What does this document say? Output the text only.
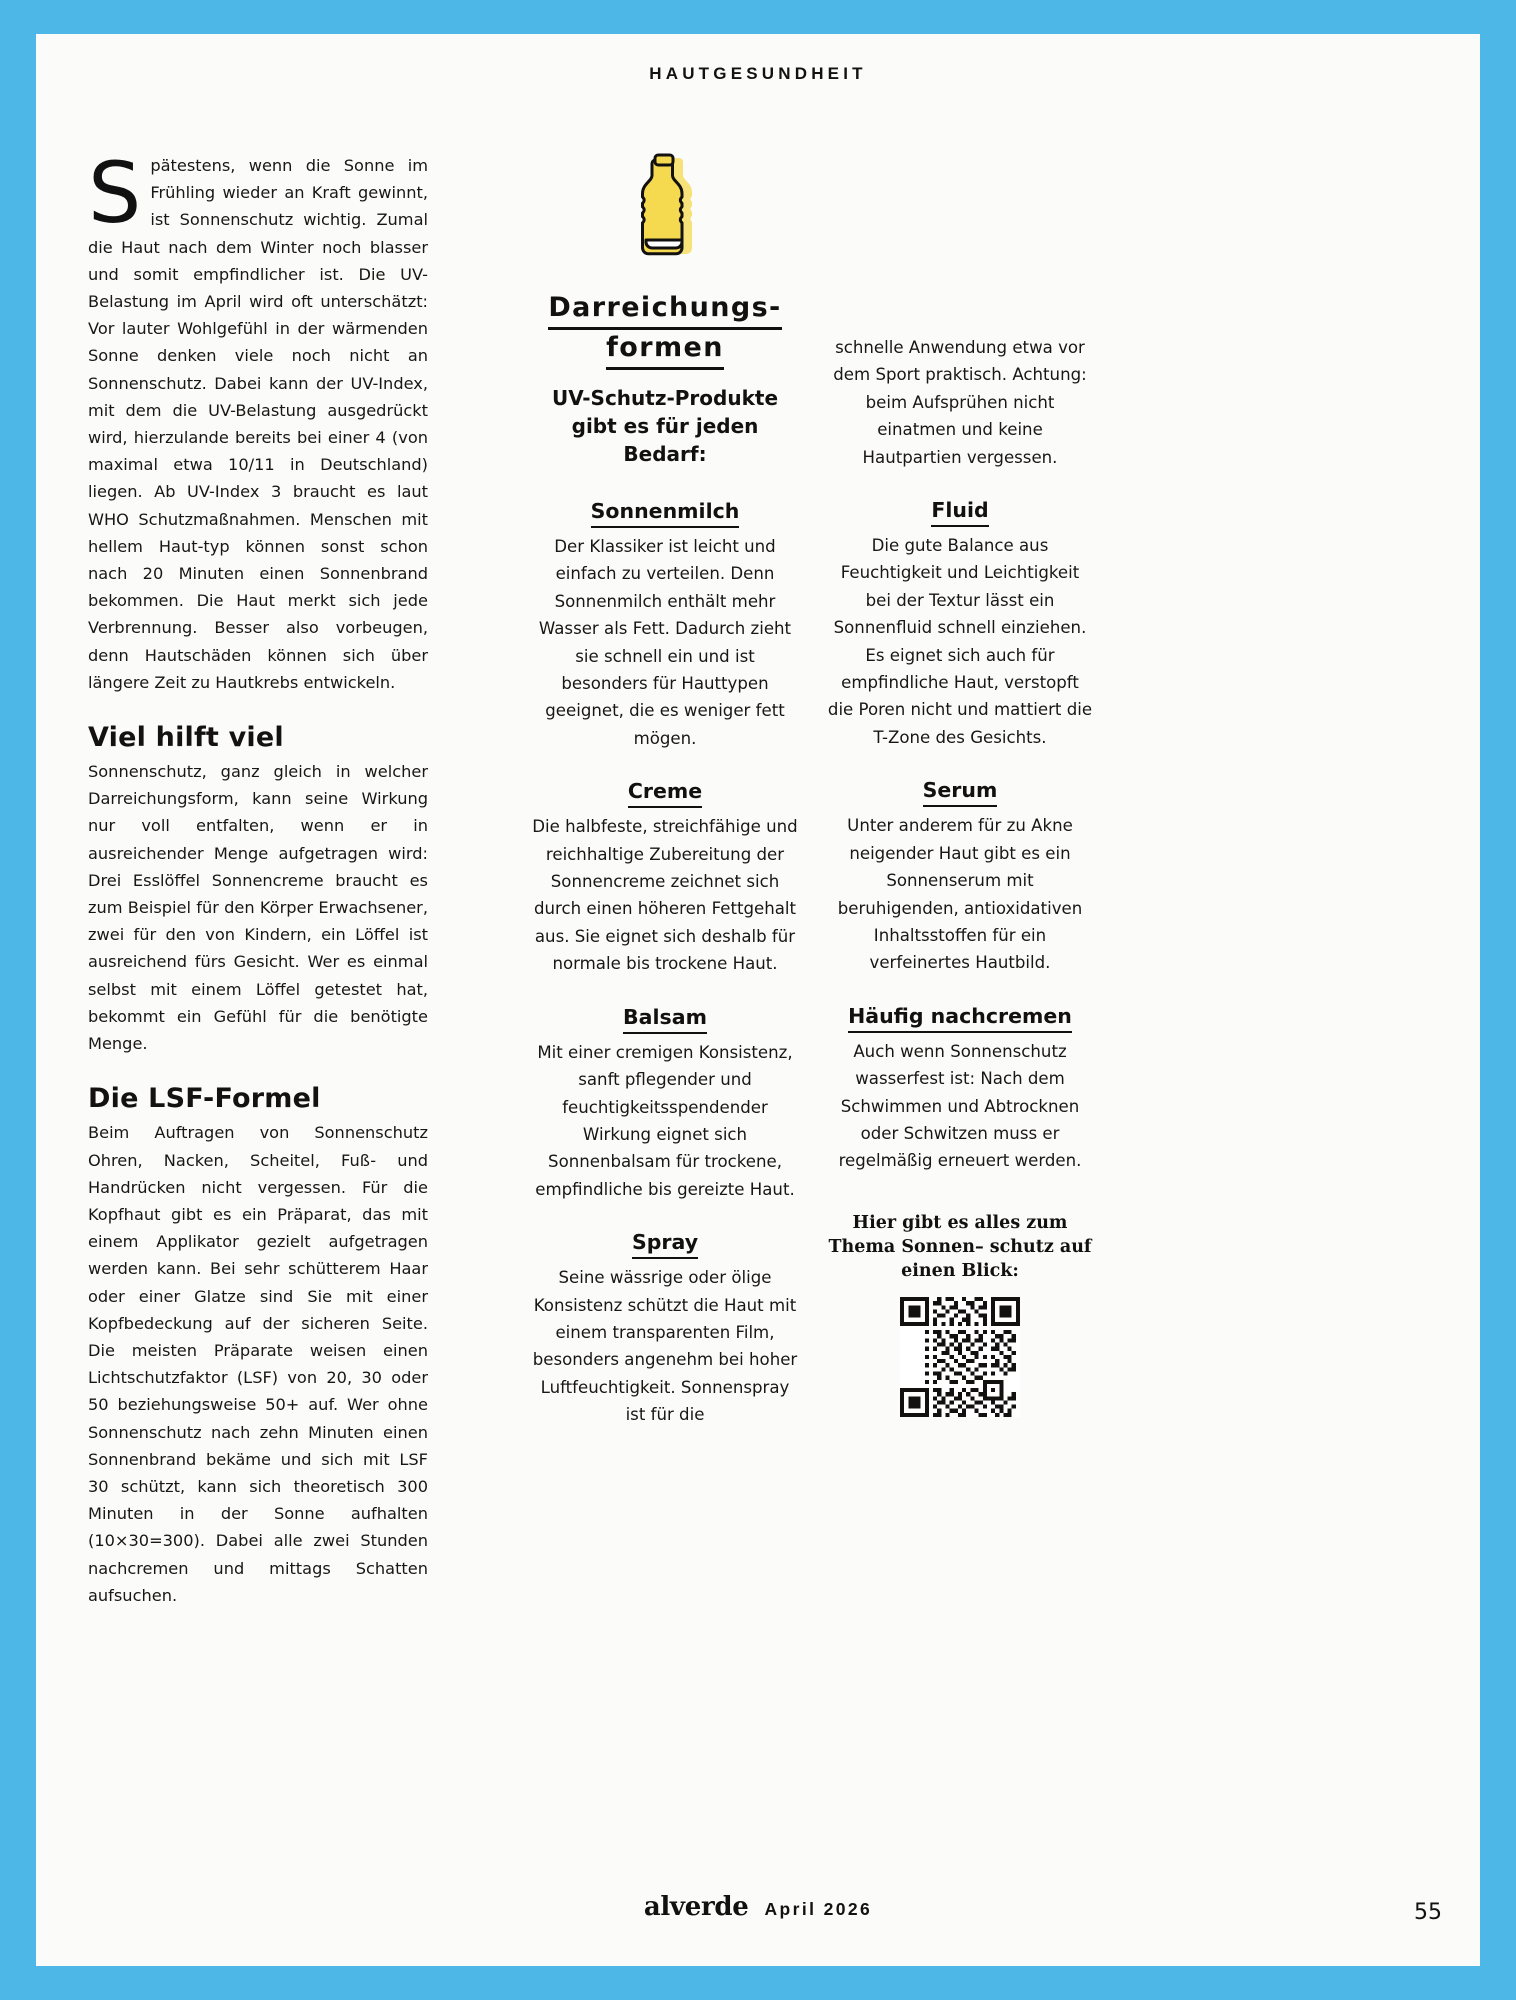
HAUTGESUNDHEIT

Spätestens, wenn die Sonne im Frühling wieder an Kraft gewinnt, ist Sonnenschutz wichtig. Zumal die Haut nach dem Winter noch blasser und somit empfindlicher ist. Die UV-Belastung im April wird oft unterschätzt: Vor lauter Wohlgefühl in der wärmenden Sonne denken viele noch nicht an Sonnenschutz. Dabei kann der UV-Index, mit dem die UV-Belastung ausgedrückt wird, hierzulande bereits bei einer 4 (von maximal etwa 10/11 in Deutschland) liegen. Ab UV-Index 3 braucht es laut WHO Schutzmaßnahmen. Menschen mit hellem Haut-typ können sonst schon nach 20 Minuten einen Sonnenbrand bekommen. Die Haut merkt sich jede Verbrennung. Besser also vorbeugen, denn Hautschäden können sich über längere Zeit zu Hautkrebs entwickeln.

Viel hilft viel

Sonnenschutz, ganz gleich in welcher Darreichungsform, kann seine Wirkung nur voll entfalten, wenn er in ausreichender Menge aufgetragen wird: Drei Esslöffel Sonnencreme braucht es zum Beispiel für den Körper Erwachsener, zwei für den von Kindern, ein Löffel ist ausreichend fürs Gesicht. Wer es einmal selbst mit einem Löffel getestet hat, bekommt ein Gefühl für die benötigte Menge.

Die LSF-Formel

Beim Auftragen von Sonnenschutz Ohren, Nacken, Scheitel, Fuß- und Handrücken nicht vergessen. Für die Kopfhaut gibt es ein Präparat, das mit einem Applikator gezielt aufgetragen werden kann. Bei sehr schütterem Haar oder einer Glatze sind Sie mit einer Kopfbedeckung auf der sicheren Seite. Die meisten Präparate weisen einen Lichtschutzfaktor (LSF) von 20, 30 oder 50 beziehungsweise 50+ auf. Wer ohne Sonnenschutz nach zehn Minuten einen Sonnenbrand bekäme und sich mit LSF 30 schützt, kann sich theoretisch 300 Minuten in der Sonne aufhalten (10×30=300). Dabei alle zwei Stunden nachcremen und mittags Schatten aufsuchen.

Darreichungs-
formen
UV-Schutz-Produkte gibt es für jeden Bedarf:
Sonnenmilch

Der Klassiker ist leicht und einfach zu verteilen. Denn Sonnenmilch enthält mehr Wasser als Fett. Dadurch zieht sie schnell ein und ist besonders für Hauttypen geeignet, die es weniger fett mögen.

Creme

Die halbfeste, streichfähige und reichhaltige Zubereitung der Sonnencreme zeichnet sich durch einen höheren Fettgehalt aus. Sie eignet sich deshalb für normale bis trockene Haut.

Balsam

Mit einer cremigen Konsistenz, sanft pflegender und feuchtigkeitsspendender Wirkung eignet sich Sonnenbalsam für trockene, empfindliche bis gereizte Haut.

Spray

Seine wässrige oder ölige Konsistenz schützt die Haut mit einem transparenten Film, besonders angenehm bei hoher Luftfeuchtigkeit. Sonnenspray ist für die

schnelle Anwendung etwa vor dem Sport praktisch. Achtung: beim Aufsprühen nicht einatmen und keine Hautpartien vergessen.

Fluid

Die gute Balance aus Feuchtigkeit und Leichtigkeit bei der Textur lässt ein Sonnenfluid schnell einziehen. Es eignet sich auch für empfindliche Haut, verstopft die Poren nicht und mattiert die T-Zone des Gesichts.

Serum

Unter anderem für zu Akne neigender Haut gibt es ein Sonnenserum mit beruhigenden, antioxidativen Inhaltsstoffen für ein verfeinertes Hautbild.

Häufig nachcremen

Auch wenn Sonnenschutz wasserfest ist: Nach dem Schwimmen und Abtrocknen oder Schwitzen muss er regelmäßig erneuert werden.

Hier gibt es alles zum Thema Sonnen– schutz auf einen Blick:

alverde April 2026	55
